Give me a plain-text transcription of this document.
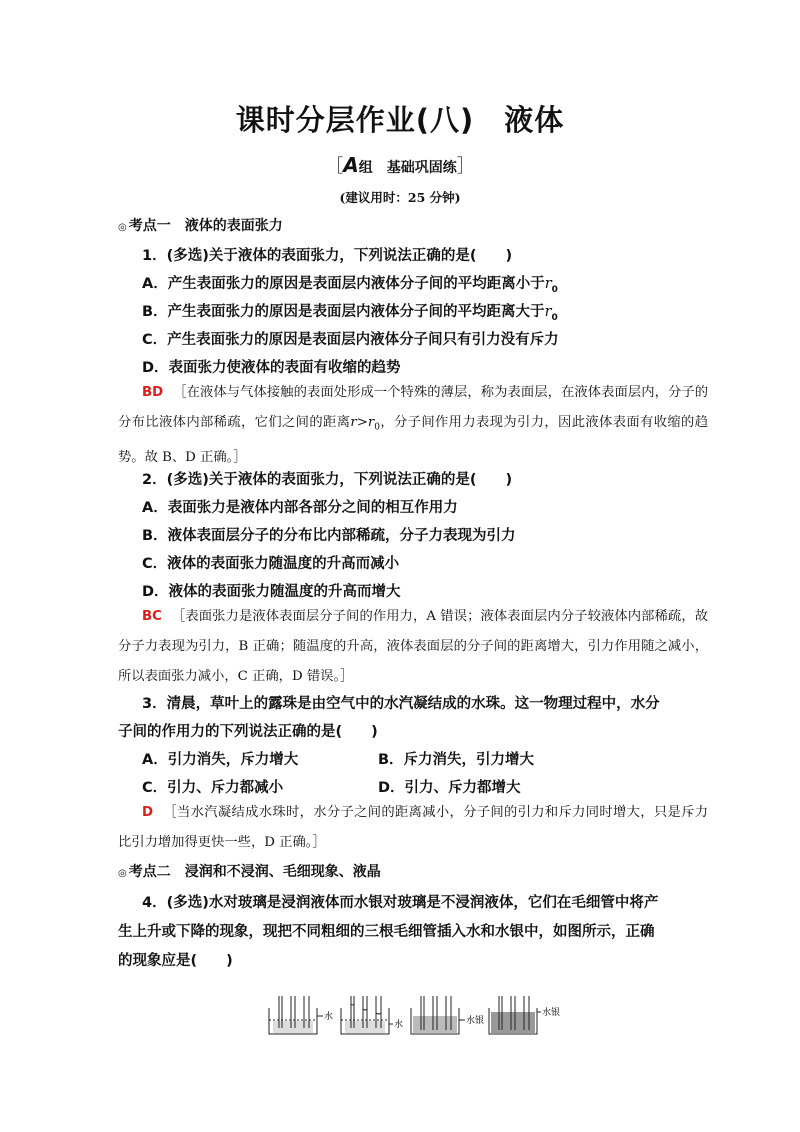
课时分层作业(八)　液体
［A组　基础巩固练］
(建议用时：25 分钟)
◎ 考点一　液体的表面张力
1．(多选)关于液体的表面张力，下列说法正确的是(　　)
A．产生表面张力的原因是表面层内液体分子间的平均距离小于$r_0$
B．产生表面张力的原因是表面层内液体分子间的平均距离大于$r_0$
C．产生表面张力的原因是表面层内液体分子间只有引力没有斥力
D．表面张力使液体的表面有收缩的趋势
BD ［在液体与气体接触的表面处形成一个特殊的薄层，称为表面层，在液体表面层内，分子的分布比液体内部稀疏，它们之间的距离$r>r_0$，分子间作用力表现为引力，因此液体表面有收缩的趋势。故 B、D 正确。］
2．(多选)关于液体的表面张力，下列说法正确的是(　　)
A．表面张力是液体内部各部分之间的相互作用力
B．液体表面层分子的分布比内部稀疏，分子力表现为引力
C．液体的表面张力随温度的升高而减小
D．液体的表面张力随温度的升高而增大
BC ［表面张力是液体表面层分子间的作用力，A 错误；液体表面层内分子较液体内部稀疏，故分子力表现为引力，B 正确；随温度的升高，液体表面层的分子间的距离增大，引力作用随之减小，所以表面张力减小，C 正确，D 错误。］
3．清晨，草叶上的露珠是由空气中的水汽凝结成的水珠。这一物理过程中，水分
子间的作用力的下列说法正确的是(　　)
A．引力消失，斥力增大	B．斥力消失，引力增大
C．引力、斥力都减小	D．引力、斥力都增大
D ［当水汽凝结成水珠时，水分子之间的距离减小，分子间的引力和斥力同时增大，只是斥力比引力增加得更快一些，D 正确。］
◎ 考点二　浸润和不浸润、毛细现象、液晶
4．(多选)水对玻璃是浸润液体而水银对玻璃是不浸润液体，它们在毛细管中将产
生上升或下降的现象，现把不同粗细的三根毛细管插入水和水银中，如图所示，正确
的现象应是(　　)
水
水	水银
水银
